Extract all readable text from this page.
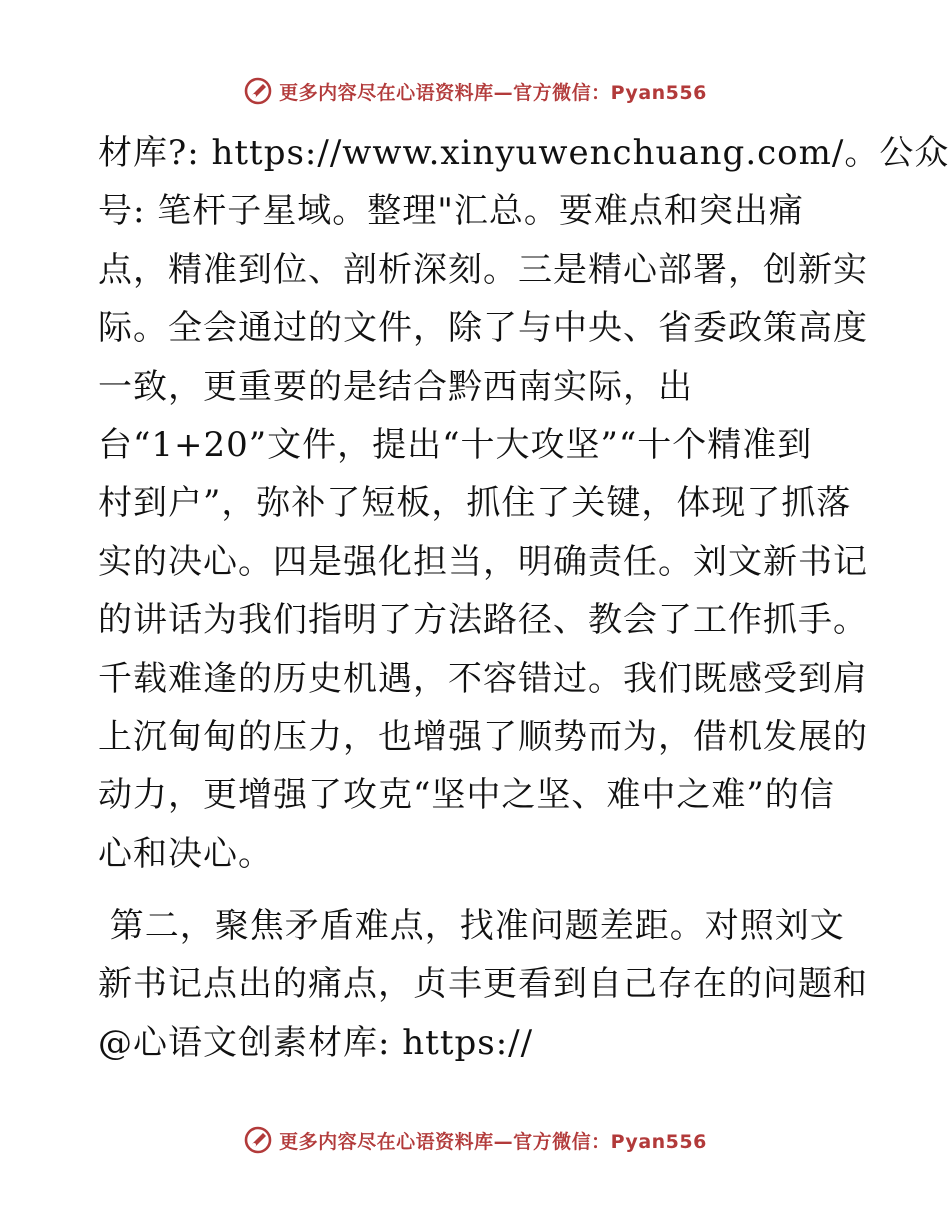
更多内容尽在心语资料库—官方微信：Pyan556
材库?: https://www.xinyuwenchuang.com/。公众
号: 笔杆子星域。整理"汇总。要难点和突出痛
点，精准到位、剖析深刻。三是精心部署，创新实
际。全会通过的文件，除了与中央、省委政策高度
一致，更重要的是结合黔西南实际，出
台“1+20”文件，提出“十大攻坚”“十个精准到
村到户”，弥补了短板，抓住了关键，体现了抓落
实的决心。四是强化担当，明确责任。刘文新书记
的讲话为我们指明了方法路径、教会了工作抓手。
千载难逢的历史机遇，不容错过。我们既感受到肩
上沉甸甸的压力，也增强了顺势而为，借机发展的
动力，更增强了攻克“坚中之坚、难中之难”的信
心和决心。
第二，聚焦矛盾难点，找准问题差距。对照刘文
新书记点出的痛点，贞丰更看到自己存在的问题和
@心语文创素材库: https://
更多内容尽在心语资料库—官方微信：Pyan556
